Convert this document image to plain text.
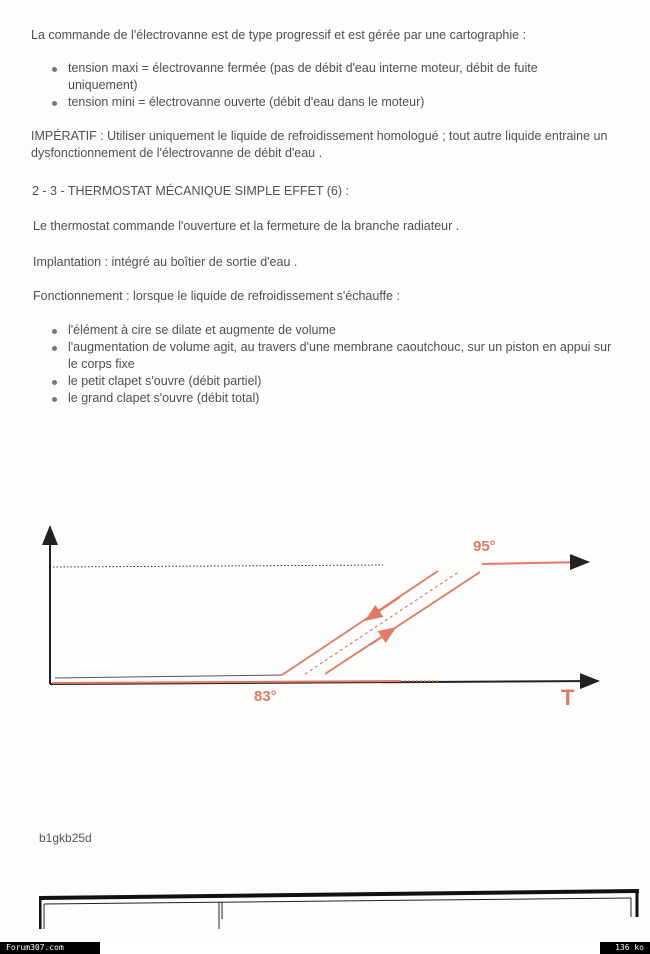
La commande de l'électrovanne est de type progressif et est gérée par une cartographie :
tension maxi = électrovanne fermée (pas de débit d'eau interne moteur, débit de fuite uniquement)
tension mini = électrovanne ouverte (débit d'eau dans le moteur)
IMPÉRATIF : Utiliser uniquement le liquide de refroidissement homologué ; tout autre liquide entraine un dysfonctionnement de l'électrovanne de débit d'eau .
2 - 3 - THERMOSTAT MÉCANIQUE SIMPLE EFFET (6) :
Le thermostat commande l'ouverture et la fermeture de la branche radiateur .
Implantation : intégré au boîtier de sortie d'eau .
Fonctionnement : lorsque le liquide de refroidissement s'échauffe :
l'élément à cire se dilate et augmente de volume
l'augmentation de volume agit, au travers d'une membrane caoutchouc, sur un piston en appui sur le corps fixe
le petit clapet s'ouvre (débit partiel)
le grand clapet s'ouvre (débit total)
83°
95°
T
b1gkb25d
Forum307.com	136 ko
